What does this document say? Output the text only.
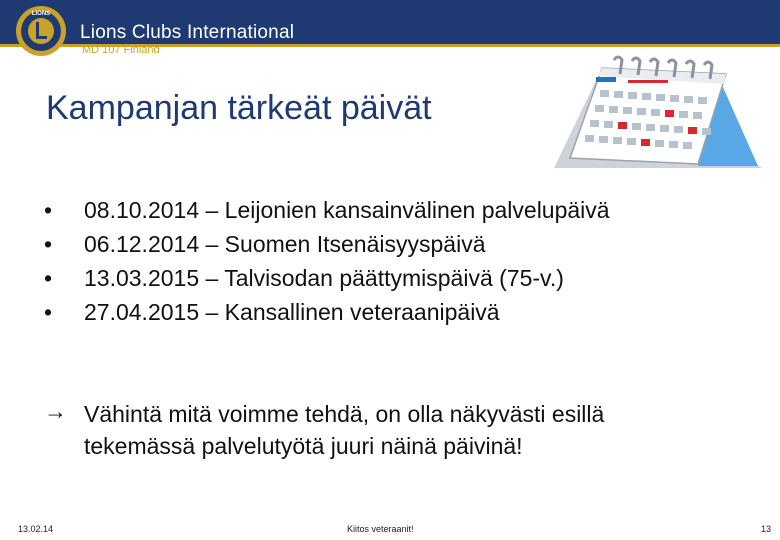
LIONS
Lions Clubs International
MD 107 Finland
Kampanjan tärkeät päivät
• 08.10.2014 – Leijonien kansainvälinen palvelupäivä
• 06.12.2014 – Suomen Itsenäisyyspäivä
• 13.03.2015 – Talvisodan päättymispäivä (75-v.)
• 27.04.2015 – Kansallinen veteraanipäivä
→ Vähintä mitä voimme tehdä, on olla näkyvästi esillä
tekemässä palvelutyötä juuri näinä päivinä!
13.02.14	Kiitos veteraanit!	13
